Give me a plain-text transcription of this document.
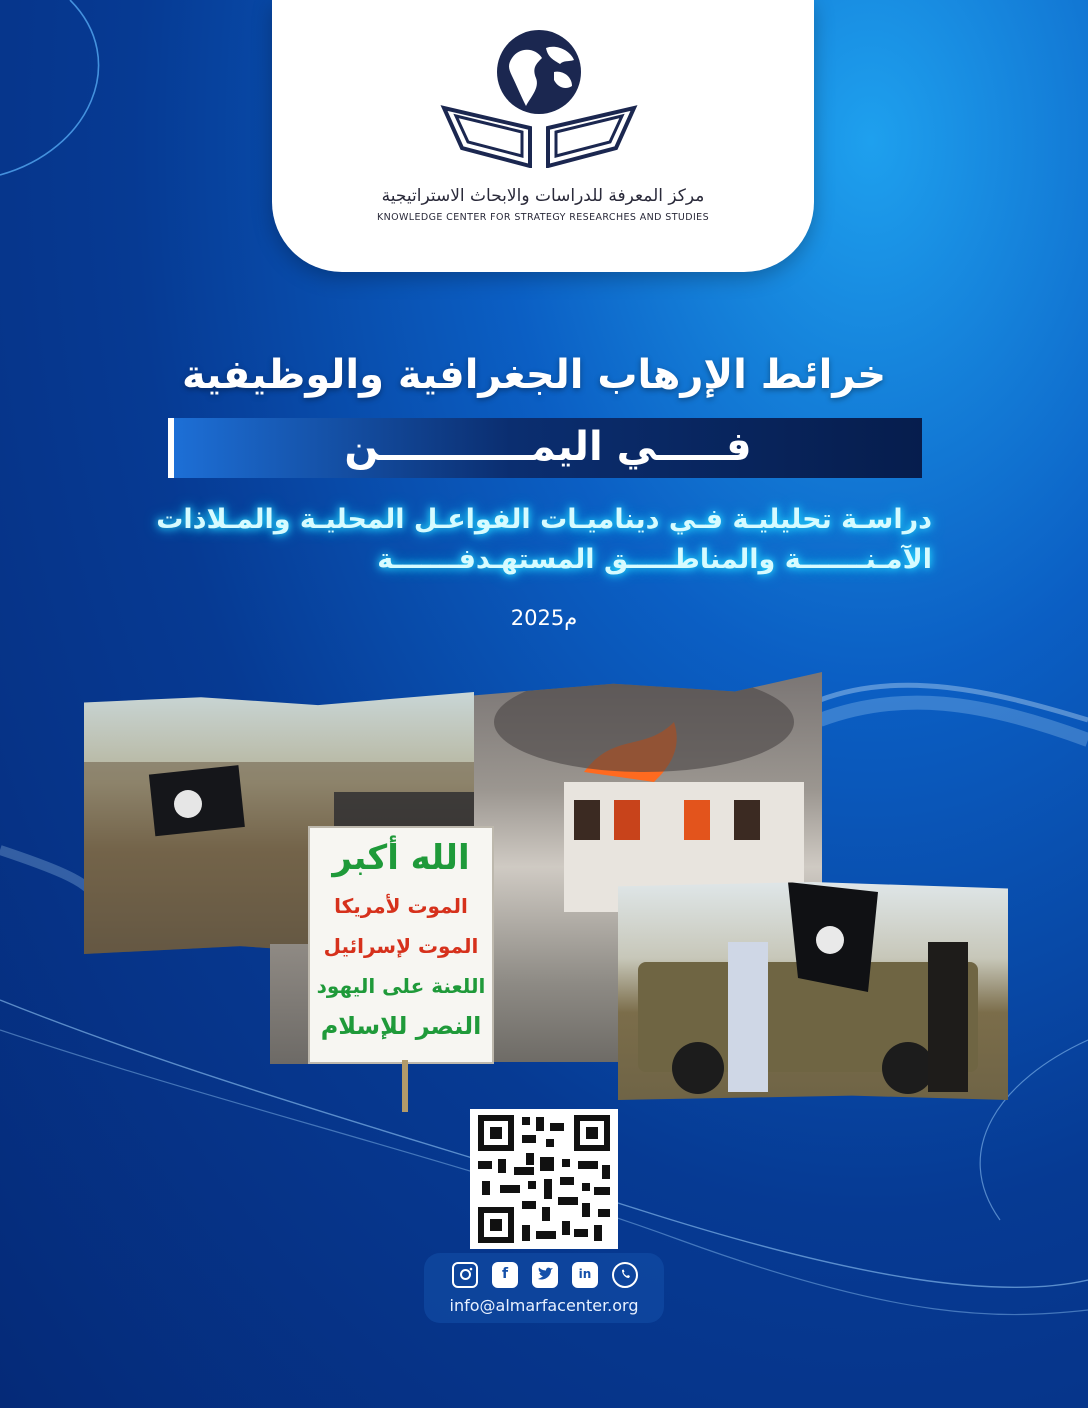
مركز المعرفة للدراسات والابحاث الاستراتيجية
KNOWLEDGE CENTER FOR STRATEGY RESEARCHES AND STUDIES
خرائط الإرهاب الجغرافية والوظيفية
فـــــي اليمـــــــــــن
دراسـة تحليليـة فـي ديناميـات الفواعـل المحليـة والمـلاذات
الآمـنـــــــة والمناطـــــق المستهـدفـــــــة
2025م
الله أكبر
الموت لأمريكا
الموت لإسرائيل
اللعنة على اليهود
النصر للإسلام
f	in
info@almarfacenter.org
